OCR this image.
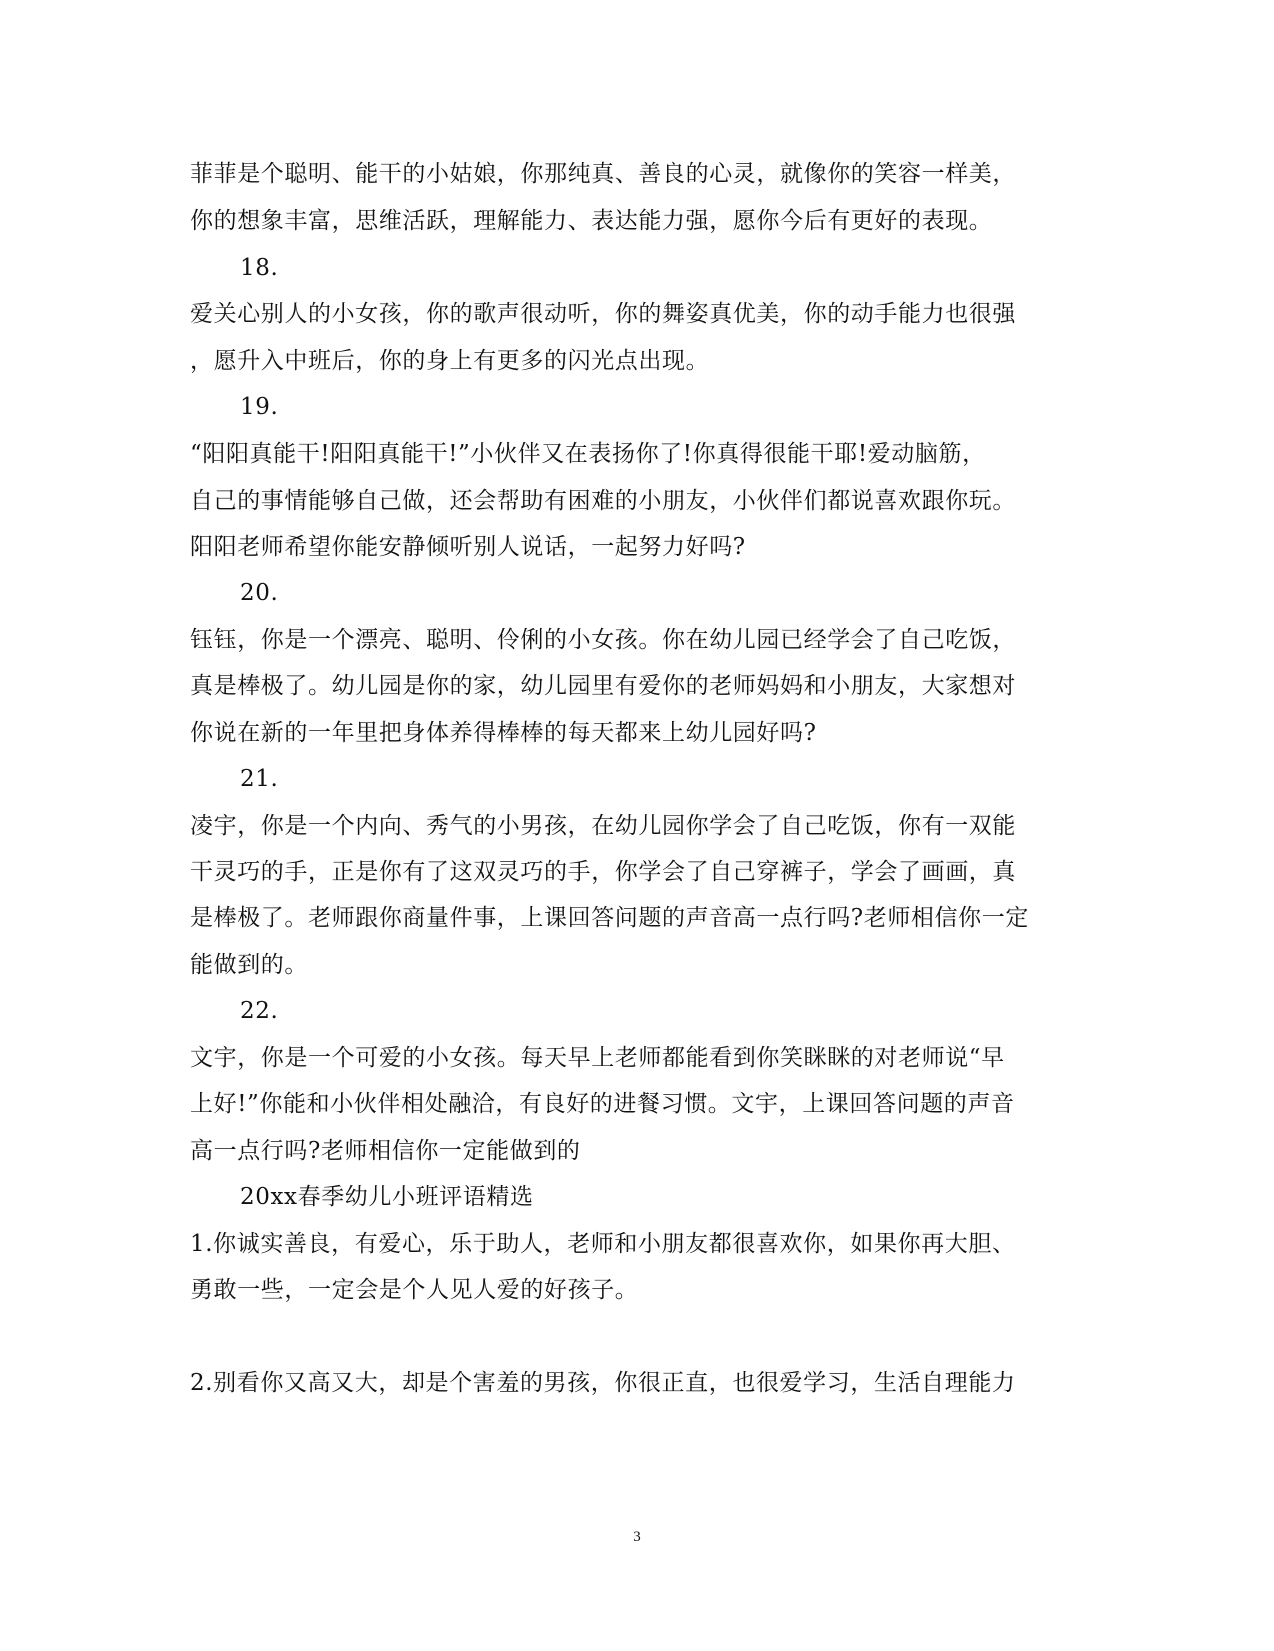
菲菲是个聪明、能干的小姑娘，你那纯真、善良的心灵，就像你的笑容一样美，
你的想象丰富，思维活跃，理解能力、表达能力强，愿你今后有更好的表现。
18.
爱关心别人的小女孩，你的歌声很动听，你的舞姿真优美，你的动手能力也很强
，愿升入中班后，你的身上有更多的闪光点出现。
19.
“阳阳真能干!阳阳真能干!”小伙伴又在表扬你了!你真得很能干耶!爱动脑筋，
自己的事情能够自己做，还会帮助有困难的小朋友，小伙伴们都说喜欢跟你玩。
阳阳老师希望你能安静倾听别人说话，一起努力好吗?
20.
钰钰，你是一个漂亮、聪明、伶俐的小女孩。你在幼儿园已经学会了自己吃饭，
真是棒极了。幼儿园是你的家，幼儿园里有爱你的老师妈妈和小朋友，大家想对
你说在新的一年里把身体养得棒棒的每天都来上幼儿园好吗?
21.
凌宇，你是一个内向、秀气的小男孩，在幼儿园你学会了自己吃饭，你有一双能
干灵巧的手，正是你有了这双灵巧的手，你学会了自己穿裤子，学会了画画，真
是棒极了。老师跟你商量件事，上课回答问题的声音高一点行吗?老师相信你一定
能做到的。
22.
文宇，你是一个可爱的小女孩。每天早上老师都能看到你笑眯眯的对老师说“早
上好!”你能和小伙伴相处融洽，有良好的进餐习惯。文宇，上课回答问题的声音
高一点行吗?老师相信你一定能做到的
20xx春季幼儿小班评语精选
1.你诚实善良，有爱心，乐于助人，老师和小朋友都很喜欢你，如果你再大胆、
勇敢一些，一定会是个人见人爱的好孩子。
2.别看你又高又大，却是个害羞的男孩，你很正直，也很爱学习，生活自理能力
3
